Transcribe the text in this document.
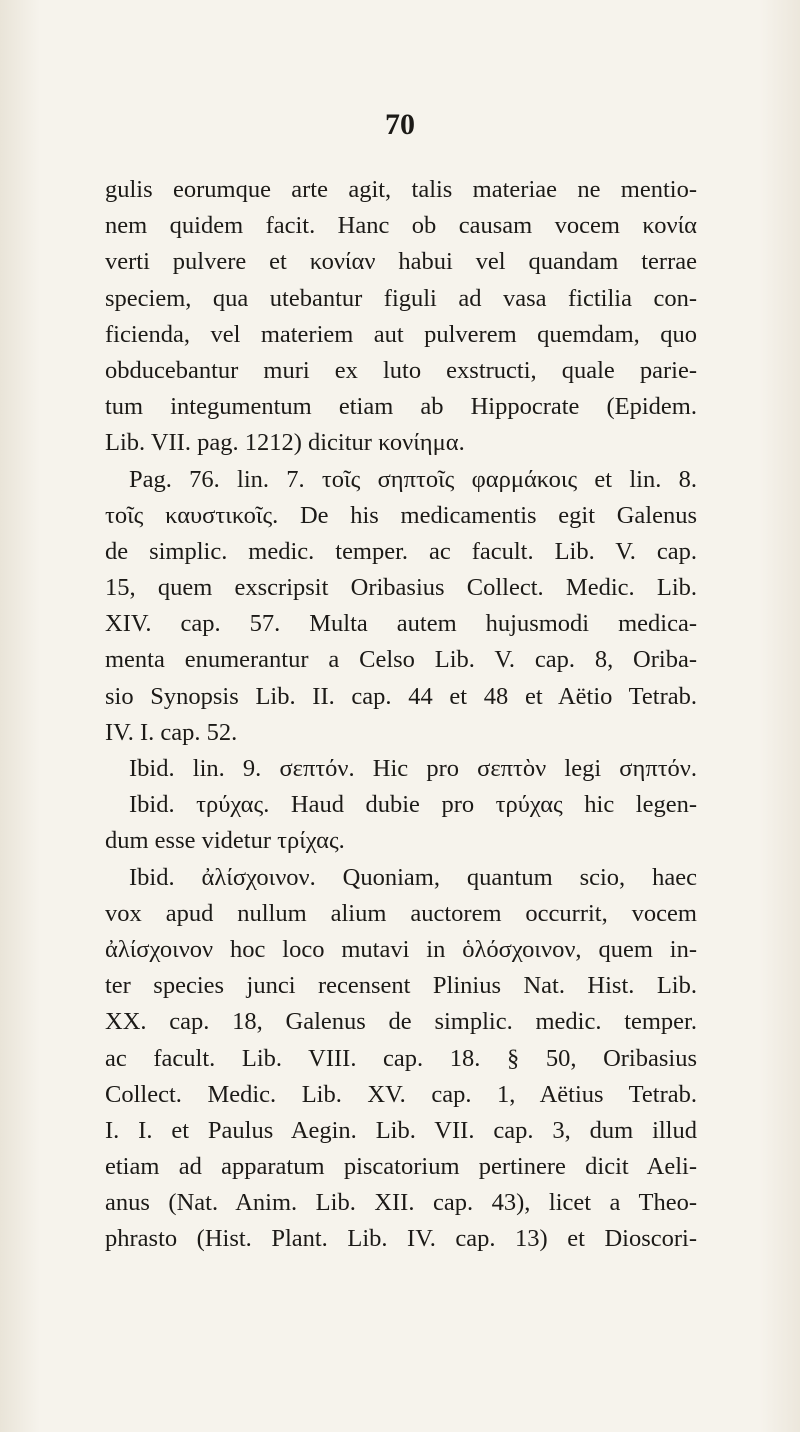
70
gulis eorumque arte agit, talis materiae ne mentio-
nem quidem facit. Hanc ob causam vocem κονία
verti pulvere et κονίαν habui vel quandam terrae
speciem, qua utebantur figuli ad vasa fictilia con-
ficienda, vel materiem aut pulverem quemdam, quo
obducebantur muri ex luto exstructi, quale parie-
tum integumentum etiam ab Hippocrate (Epidem.
Lib. VII. pag. 1212) dicitur κονίημα.
Pag. 76. lin. 7. τοῖς σηπτοῖς φαρμάκοις et lin. 8.
τοῖς καυστικοῖς. De his medicamentis egit Galenus
de simplic. medic. temper. ac facult. Lib. V. cap.
15, quem exscripsit Oribasius Collect. Medic. Lib.
XIV. cap. 57. Multa autem hujusmodi medica-
menta enumerantur a Celso Lib. V. cap. 8, Oriba-
sio Synopsis Lib. II. cap. 44 et 48 et Aëtio Tetrab.
IV. I. cap. 52.
Ibid. lin. 9. σεπτόν. Hic pro σεπτὸν legi σηπτόν.
Ibid. τρύχας. Haud dubie pro τρύχας hic legen-
dum esse videtur τρίχας.
Ibid. ἀλίσχοινον. Quoniam, quantum scio, haec
vox apud nullum alium auctorem occurrit, vocem
ἀλίσχοινον hoc loco mutavi in ὁλόσχοινον, quem in-
ter species junci recensent Plinius Nat. Hist. Lib.
XX. cap. 18, Galenus de simplic. medic. temper.
ac facult. Lib. VIII. cap. 18. § 50, Oribasius
Collect. Medic. Lib. XV. cap. 1, Aëtius Tetrab.
I. I. et Paulus Aegin. Lib. VII. cap. 3, dum illud
etiam ad apparatum piscatorium pertinere dicit Aeli-
anus (Nat. Anim. Lib. XII. cap. 43), licet a Theo-
phrasto (Hist. Plant. Lib. IV. cap. 13) et Dioscori-
